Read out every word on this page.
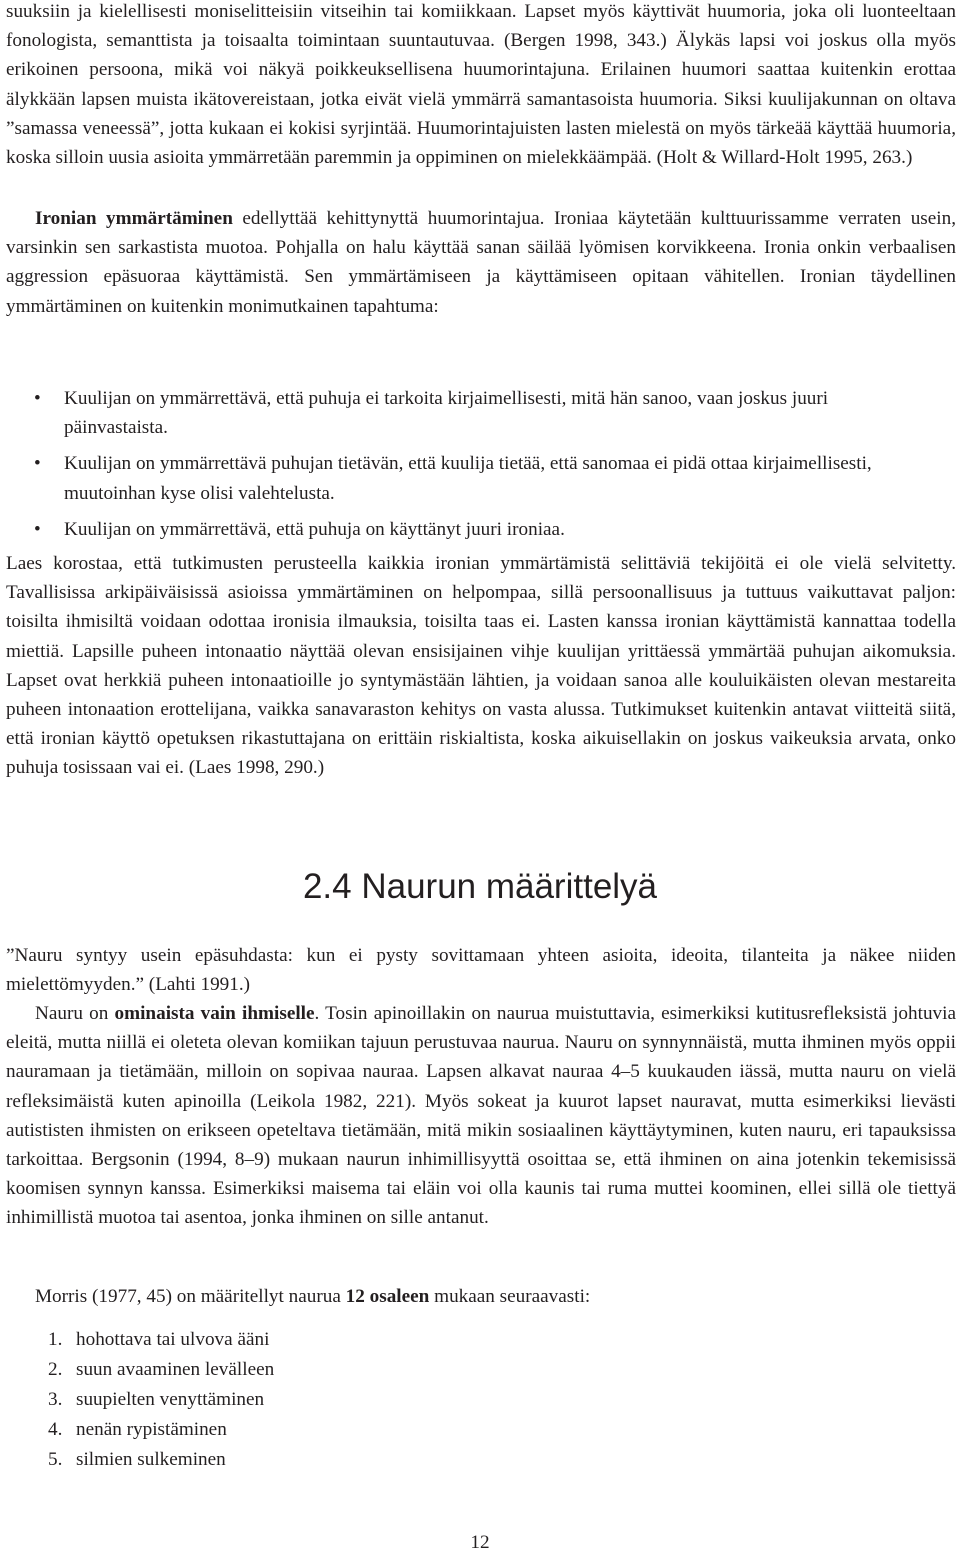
suuksiin ja kielellisesti moniselitteisiin vitseihin tai komiikkaan. Lapset myös käyttivät huumoria, joka oli luonteeltaan fonologista, semanttista ja toisaalta toimintaan suuntautuvaa. (Bergen 1998, 343.) Älykäs lapsi voi joskus olla myös erikoinen persoona, mikä voi näkyä poikkeuksellisena huumorintajuna. Erilainen huumori saattaa kuitenkin erottaa älykkään lapsen muista ikätovereistaan, jotka eivät vielä ymmärrä samantasoista huumoria. Siksi kuulijakunnan on oltava ”samassa veneessä”, jotta kukaan ei kokisi syrjintää. Huumorintajuisten lasten mielestä on myös tärkeää käyttää huumoria, koska silloin uusia asioita ymmärretään paremmin ja oppiminen on mielekkäämpää. (Holt & Willard-Holt 1995, 263.)

Ironian ymmärtäminen edellyttää kehittynyttä huumorintajua. Ironiaa käytetään kulttuurissamme verraten usein, varsinkin sen sarkastista muotoa. Pohjalla on halu käyttää sanan säilää lyömisen korvikkeena. Ironia onkin verbaalisen aggression epäsuoraa käyttämistä. Sen ymmärtämiseen ja käyttämiseen opitaan vähitellen. Ironian täydellinen ymmärtäminen on kuitenkin monimutkainen tapahtuma:

• Kuulijan on ymmärrettävä, että puhuja ei tarkoita kirjaimellisesti, mitä hän sanoo, vaan joskus juuri päinvastaista.
• Kuulijan on ymmärrettävä puhujan tietävän, että kuulija tietää, että sanomaa ei pidä ottaa kirjaimellisesti, muutoinhan kyse olisi valehtelusta.
• Kuulijan on ymmärrettävä, että puhuja on käyttänyt juuri ironiaa.

Laes korostaa, että tutkimusten perusteella kaikkia ironian ymmärtämistä selittäviä tekijöitä ei ole vielä selvitetty. Tavallisissa arkipäiväisissä asioissa ymmärtäminen on helpompaa, sillä persoonallisuus ja tuttuus vaikuttavat paljon: toisilta ihmisiltä voidaan odottaa ironisia ilmauksia, toisilta taas ei. Lasten kanssa ironian käyttämistä kannattaa todella miettiä. Lapsille puheen intonaatio näyttää olevan ensisijainen vihje kuulijan yrittäessä ymmärtää puhujan aikomuksia. Lapset ovat herkkiä puheen intonaatioille jo syntymästään lähtien, ja voidaan sanoa alle kouluikäisten olevan mestareita puheen intonaation erottelijana, vaikka sanavaraston kehitys on vasta alussa. Tutkimukset kuitenkin antavat viitteitä siitä, että ironian käyttö opetuksen rikastuttajana on erittäin riskialtista, koska aikuisellakin on joskus vaikeuksia arvata, onko puhuja tosissaan vai ei. (Laes 1998, 290.)

2.4 Naurun määrittelyä

”Nauru syntyy usein epäsuhdasta: kun ei pysty sovittamaan yhteen asioita, ideoita, tilanteita ja näkee niiden mielettömyyden.” (Lahti 1991.)

Nauru on ominaista vain ihmiselle. Tosin apinoillakin on naurua muistuttavia, esimerkiksi kutitusrefleksistä johtuvia eleitä, mutta niillä ei oleteta olevan komiikan tajuun perustuvaa naurua. Nauru on synnynnäistä, mutta ihminen myös oppii nauramaan ja tietämään, milloin on sopivaa nauraa. Lapsen alkavat nauraa 4–5 kuukauden iässä, mutta nauru on vielä refleksimäistä kuten apinoilla (Leikola 1982, 221). Myös sokeat ja kuurot lapset nauravat, mutta esimerkiksi lievästi autististen ihmisten on erikseen opeteltava tietämään, mitä mikin sosiaalinen käyttäytyminen, kuten nauru, eri tapauksissa tarkoittaa. Bergsonin (1994, 8–9) mukaan naurun inhimillisyyttä osoittaa se, että ihminen on aina jotenkin tekemisissä koomisen synnyn kanssa. Esimerkiksi maisema tai eläin voi olla kaunis tai ruma muttei koominen, ellei sillä ole tiettyä inhimillistä muotoa tai asentoa, jonka ihminen on sille antanut.

Morris (1977, 45) on määritellyt naurua 12 osaleen mukaan seuraavasti:

1. hohottava tai ulvova ääni
2. suun avaaminen levälleen
3. suupielten venyttäminen
4. nenän rypistäminen
5. silmien sulkeminen
12
